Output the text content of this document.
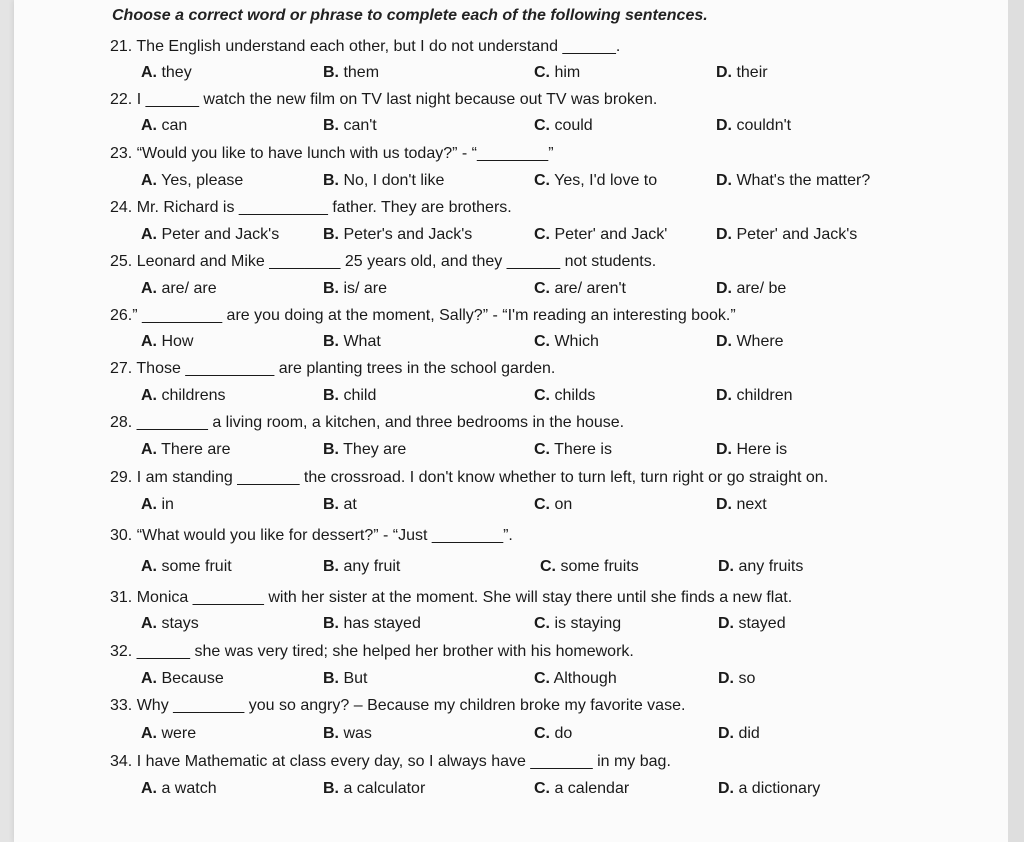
Choose a correct word or phrase to complete each of the following sentences.
21. The English understand each other, but I do not understand ______.
A. they	B. them	C. him	D. their
22. I ______ watch the new film on TV last night because out TV was broken.
A. can	B. can't	C. could	D. couldn't
23. “Would you like to have lunch with us today?” - “________”
A. Yes, please	B. No, I don't like	C. Yes, I'd love to	D. What's the matter?
24. Mr. Richard is __________ father. They are brothers.
A. Peter and Jack's	B. Peter's and Jack's	C. Peter' and Jack'	D. Peter' and Jack's
25. Leonard and Mike ________ 25 years old, and they ______ not students.
A. are/ are	B. is/ are	C. are/ aren't	D. are/ be
26.” _________ are you doing at the moment, Sally?” - “I'm reading an interesting book.”
A. How	B. What	C. Which	D. Where
27. Those __________ are planting trees in the school garden.
A. childrens	B. child	C. childs	D. children
28. ________ a living room, a kitchen, and three bedrooms in the house.
A. There are	B. They are	C. There is	D. Here is
29. I am standing _______ the crossroad. I don't know whether to turn left, turn right or go straight on.
A. in	B. at	C. on	D. next
30. “What would you like for dessert?” - “Just ________”.
A. some fruit	B. any fruit	C. some fruits	D. any fruits
31. Monica ________ with her sister at the moment. She will stay there until she finds a new flat.
A. stays	B. has stayed	C. is staying	D. stayed
32. ______ she was very tired; she helped her brother with his homework.
A. Because	B. But	C. Although	D. so
33. Why ________ you so angry? – Because my children broke my favorite vase.
A. were	B. was	C. do	D. did
34. I have Mathematic at class every day, so I always have _______ in my bag.
A. a watch	B. a calculator	C. a calendar	D. a dictionary
